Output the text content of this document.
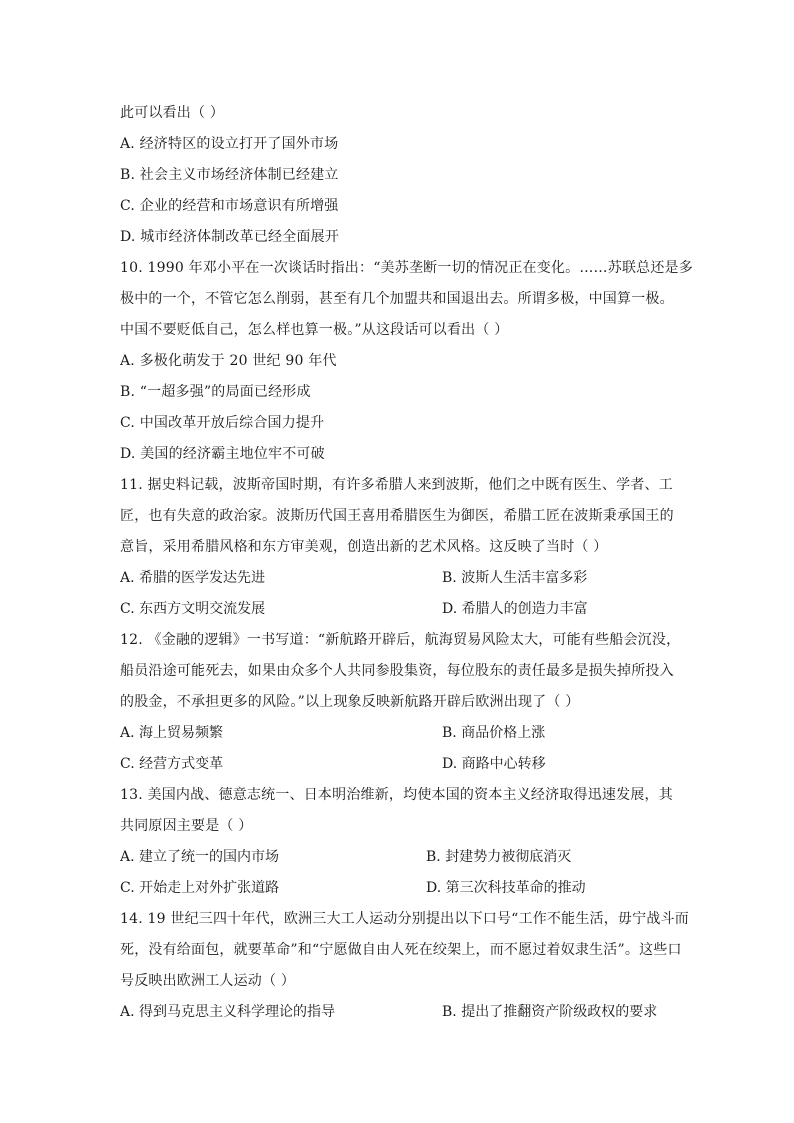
此可以看出（ ）
A. 经济特区的设立打开了国外市场
B. 社会主义市场经济体制已经建立
C. 企业的经营和市场意识有所增强
D. 城市经济体制改革已经全面展开
10. 1990 年邓小平在一次谈话时指出：“美苏垄断一切的情况正在变化。……苏联总还是多
极中的一个，不管它怎么削弱，甚至有几个加盟共和国退出去。所谓多极，中国算一极。
中国不要贬低自己，怎么样也算一极。”从这段话可以看出（ ）
A. 多极化萌发于 20 世纪 90 年代
B. “一超多强”的局面已经形成
C. 中国改革开放后综合国力提升
D. 美国的经济霸主地位牢不可破
11. 据史料记载，波斯帝国时期，有许多希腊人来到波斯，他们之中既有医生、学者、工
匠，也有失意的政治家。波斯历代国王喜用希腊医生为御医，希腊工匠在波斯秉承国王的
意旨，采用希腊风格和东方审美观，创造出新的艺术风格。这反映了当时（ ）
A. 希腊的医学发达先进	B. 波斯人生活丰富多彩
C. 东西方文明交流发展	D. 希腊人的创造力丰富
12. 《金融的逻辑》一书写道：“新航路开辟后，航海贸易风险太大，可能有些船会沉没，
船员沿途可能死去，如果由众多个人共同参股集资，每位股东的责任最多是损失掉所投入
的股金，不承担更多的风险。”以上现象反映新航路开辟后欧洲出现了（ ）
A. 海上贸易频繁	B. 商品价格上涨
C. 经营方式变革	D. 商路中心转移
13. 美国内战、德意志统一、日本明治维新，均使本国的资本主义经济取得迅速发展，其
共同原因主要是（ ）
A. 建立了统一的国内市场	B. 封建势力被彻底消灭
C. 开始走上对外扩张道路	D. 第三次科技革命的推动
14. 19 世纪三四十年代，欧洲三大工人运动分别提出以下口号“工作不能生活，毋宁战斗而
死，没有给面包，就要革命”和“宁愿做自由人死在绞架上，而不愿过着奴隶生活”。这些口
号反映出欧洲工人运动（ ）
A. 得到马克思主义科学理论的指导	B. 提出了推翻资产阶级政权的要求
